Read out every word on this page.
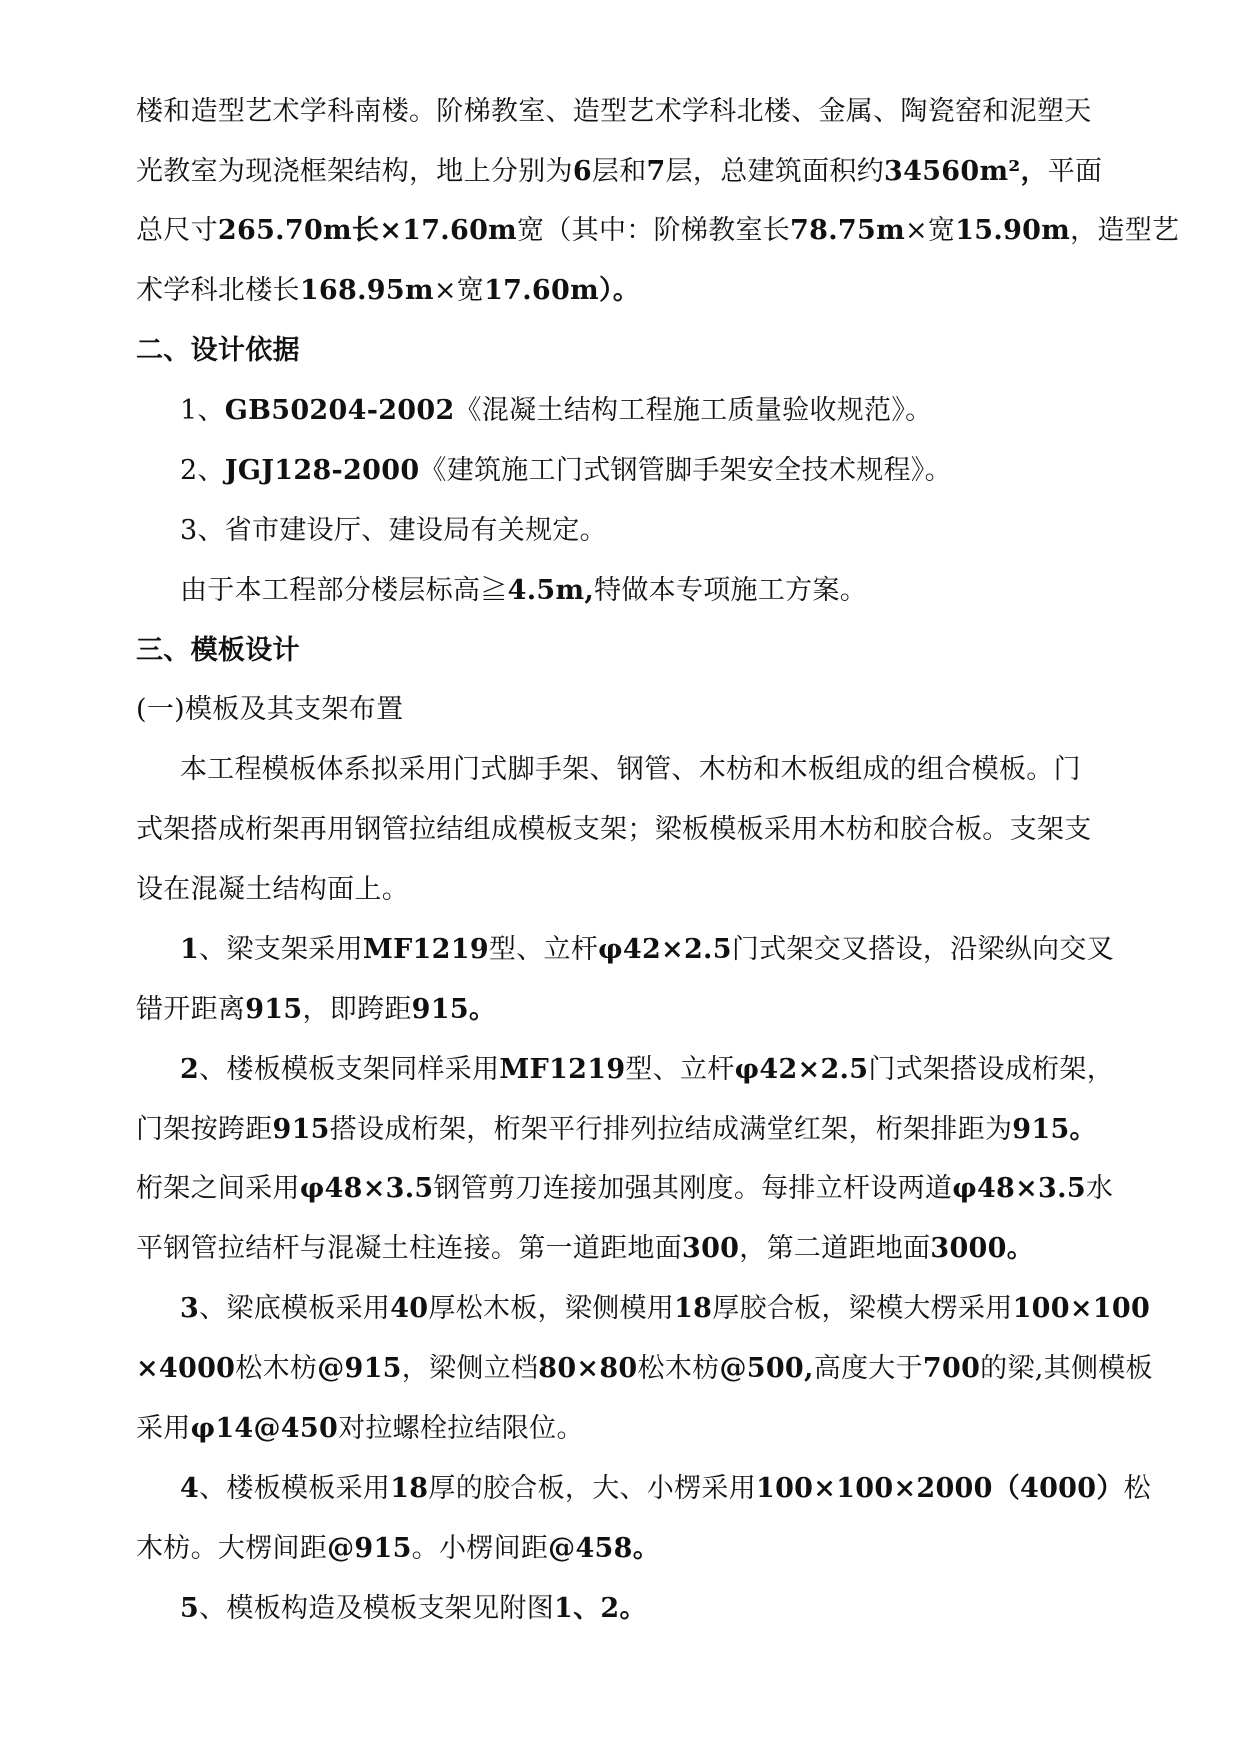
楼和造型艺术学科南楼。阶梯教室、造型艺术学科北楼、金属、陶瓷窑和泥塑天
光教室为现浇框架结构，地上分别为6层和7层，总建筑面积约34560m²，平面
总尺寸265.70m长×17.60m宽（其中：阶梯教室长78.75m×宽15.90m，造型艺
术学科北楼长168.95m×宽17.60m）。
二、设计依据
1、GB50204-2002《混凝土结构工程施工质量验收规范》。
2、JGJ128-2000《建筑施工门式钢管脚手架安全技术规程》。
3、省市建设厅、建设局有关规定。
由于本工程部分楼层标高≧4.5m,特做本专项施工方案。
三、模板设计
(一)模板及其支架布置
本工程模板体系拟采用门式脚手架、钢管、木枋和木板组成的组合模板。门
式架搭成桁架再用钢管拉结组成模板支架；梁板模板采用木枋和胶合板。支架支
设在混凝土结构面上。
1、梁支架采用MF1219型、立杆φ42×2.5门式架交叉搭设，沿梁纵向交叉
错开距离915，即跨距915。
2、楼板模板支架同样采用MF1219型、立杆φ42×2.5门式架搭设成桁架，
门架按跨距915搭设成桁架，桁架平行排列拉结成满堂红架，桁架排距为915。
桁架之间采用φ48×3.5钢管剪刀连接加强其刚度。每排立杆设两道φ48×3.5水
平钢管拉结杆与混凝土柱连接。第一道距地面300，第二道距地面3000。
3、梁底模板采用40厚松木板，梁侧模用18厚胶合板，梁模大楞采用100×100
×4000松木枋@915，梁侧立档80×80松木枋@500,高度大于700的梁,其侧模板
采用φ14@450对拉螺栓拉结限位。
4、楼板模板采用18厚的胶合板，大、小楞采用100×100×2000（4000）松
木枋。大楞间距@915。小楞间距@458。
5、模板构造及模板支架见附图1、2。
